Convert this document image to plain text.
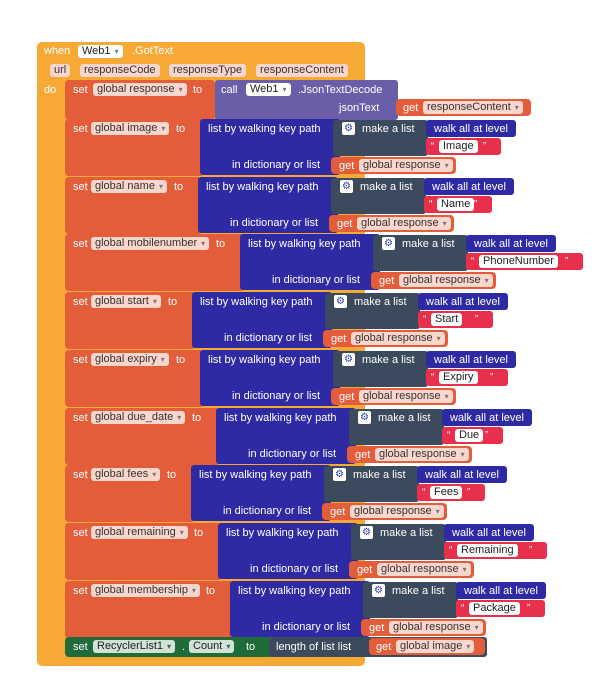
when	Web1 ▾	.GotText
url	responseCode	responseType	responseContent
do set global response ▾ to call	Web1 ▾	.JsonTextDecode
jsonText get responseContent ▾
set global image ▾ to list by walking key path
in dictionary or list
⚙ make a list walk all at level
“ Image ”
get global response ▾
set global name ▾	to list by walking key path
in dictionary or list
⚙ make a list walk all at level
“ Name ”
get global response ▾
set global mobilenumber ▾ to list by walking key path
in dictionary or list
⚙ make a list walk all at level
“ PhoneNumber	”
get global response ▾
set global start ▾	to list by walking key path
in dictionary or list
⚙ make a list walk all at level
“ Start	”
get global response ▾
set global expiry ▾	to list by walking key path
in dictionary or list
⚙ make a list walk all at level
“ Expiry	”
get global response ▾
set global due_date ▾ to list by walking key path
in dictionary or list
⚙ make a list walk all at level
“ Due ”
get global response ▾
set global fees ▾ to list by walking key path
in dictionary or list
⚙ make a list walk all at level
“ Fees ”
get global response ▾
set global remaining ▾ to list by walking key path
in dictionary or list
⚙ make a list walk all at level
“ Remaining	”
get global response ▾
set global membership ▾ to list by walking key path
in dictionary or list
⚙ make a list walk all at level
“ Package	”
get global response ▾
set RecyclerList1 ▾ . Count ▾	to length of list list get global image ▾
